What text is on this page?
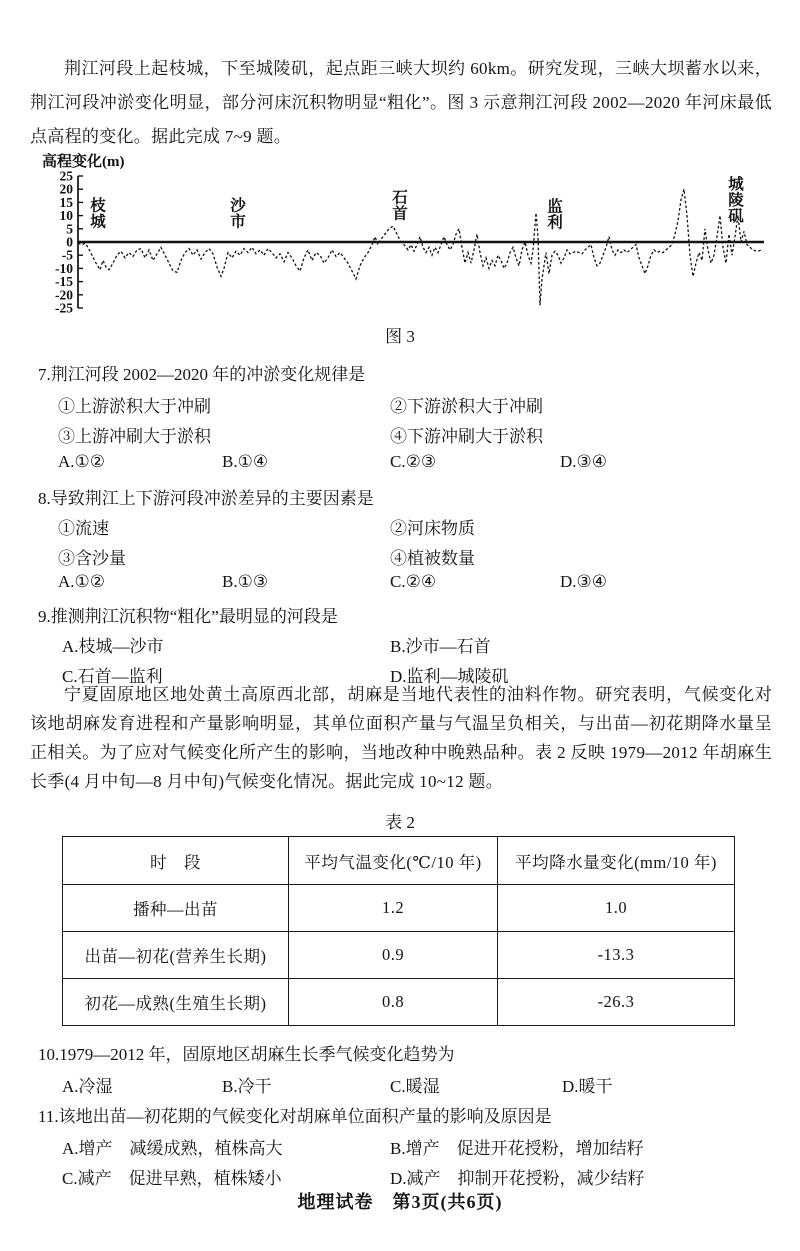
荆江河段上起枝城，下至城陵矶，起点距三峡大坝约 60km。研究发现，三峡大坝蓄水以来，荆江河段冲淤变化明显，部分河床沉积物明显“粗化”。图 3 示意荆江河段 2002—2020 年河床最低点高程的变化。据此完成 7~9 题。

高程变化(m)
25
20
15
10
5
0
-5
-10
-15
-20
-25
枝
城
沙
市
石
首	监
利
城
陵
矶
图 3
7.荆江河段 2002—2020 年的冲淤变化规律是
①上游淤积大于冲刷	②下游淤积大于冲刷
③上游冲刷大于淤积	④下游冲刷大于淤积
A.①②	B.①④	C.②③	D.③④
8.导致荆江上下游河段冲淤差异的主要因素是
①流速	②河床物质
③含沙量	④植被数量
A.①②	B.①③	C.②④	D.③④
9.推测荆江沉积物“粗化”最明显的河段是
A.枝城—沙市	B.沙市—石首
C.石首—监利	D.监利—城陵矶

宁夏固原地区地处黄土高原西北部，胡麻是当地代表性的油料作物。研究表明，气候变化对该地胡麻发育进程和产量影响明显，其单位面积产量与气温呈负相关，与出苗—初花期降水量呈正相关。为了应对气候变化所产生的影响，当地改种中晚熟品种。表 2 反映 1979—2012 年胡麻生长季(4 月中旬—8 月中旬)气候变化情况。据此完成 10~12 题。

表 2
时　段	平均气温变化(℃/10 年)	平均降水量变化(mm/10 年)
播种—出苗	1.2	1.0
出苗—初花(营养生长期)	0.9	-13.3
初花—成熟(生殖生长期)	0.8	-26.3
10.1979—2012 年，固原地区胡麻生长季气候变化趋势为
A.冷湿	B.冷干	C.暖湿	D.暖干
11.该地出苗—初花期的气候变化对胡麻单位面积产量的影响及原因是
A.增产　减缓成熟，植株高大	B.增产　促进开花授粉，增加结籽
C.减产　促进早熟，植株矮小	D.减产　抑制开花授粉，减少结籽
地理试卷　第3页(共6页)
